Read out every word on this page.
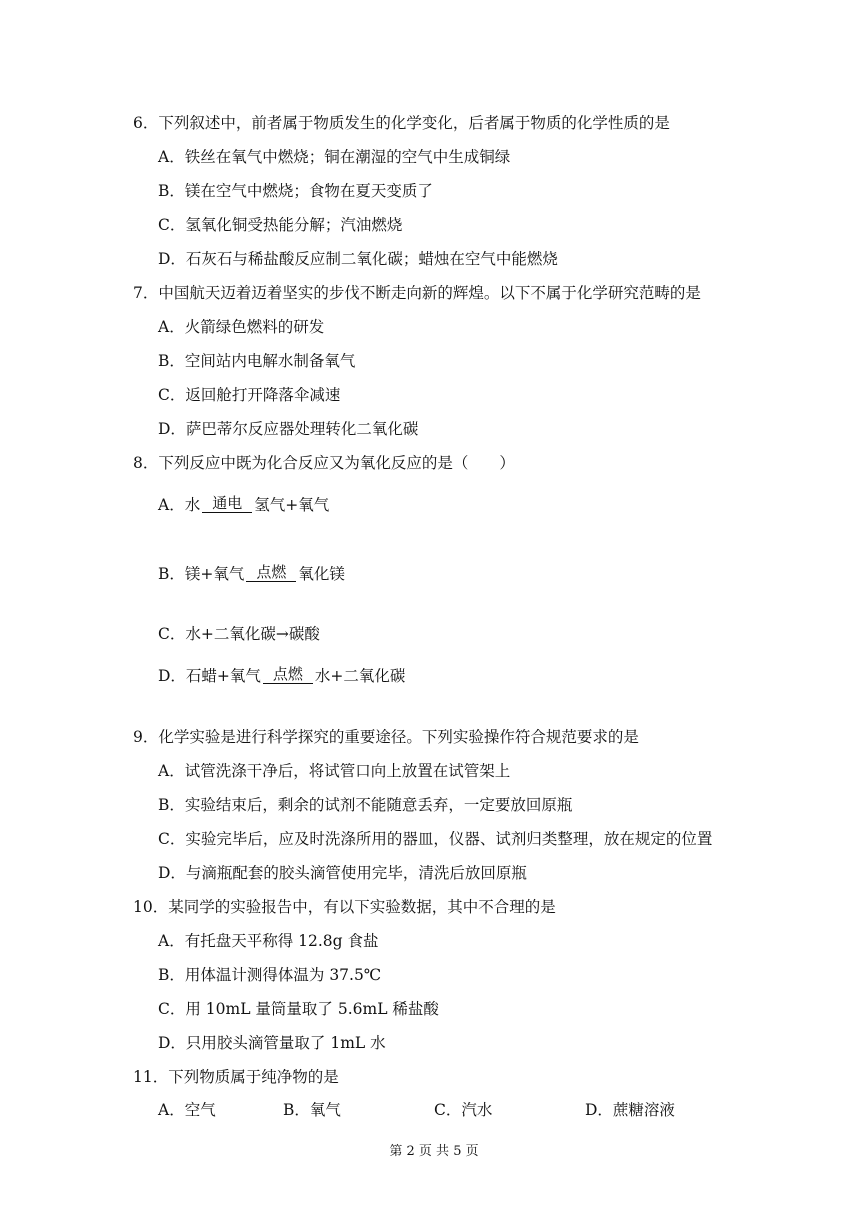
6．下列叙述中，前者属于物质发生的化学变化，后者属于物质的化学性质的是
A．铁丝在氧气中燃烧；铜在潮湿的空气中生成铜绿
B．镁在空气中燃烧；食物在夏天变质了
C．氢氧化铜受热能分解；汽油燃烧
D．石灰石与稀盐酸反应制二氧化碳；蜡烛在空气中能燃烧
7．中国航天迈着迈着坚实的步伐不断走向新的辉煌。以下不属于化学研究范畴的是
A．火箭绿色燃料的研发
B．空间站内电解水制备氧气
C．返回舱打开降落伞减速
D．萨巴蒂尔反应器处理转化二氧化碳
8．下列反应中既为化合反应又为氧化反应的是（　　）
A．水 通电 氢气+氧气
B．镁+氧气 点燃 氧化镁
C．水+二氧化碳→碳酸
D．石蜡+氧气 点燃 水+二氧化碳
9．化学实验是进行科学探究的重要途径。下列实验操作符合规范要求的是
A．试管洗涤干净后，将试管口向上放置在试管架上
B．实验结束后，剩余的试剂不能随意丢弃，一定要放回原瓶
C．实验完毕后，应及时洗涤所用的器皿，仪器、试剂归类整理，放在规定的位置
D．与滴瓶配套的胶头滴管使用完毕，清洗后放回原瓶
10．某同学的实验报告中，有以下实验数据，其中不合理的是
A．有托盘天平称得 12.8g 食盐
B．用体温计测得体温为 37.5℃
C．用 10mL 量筒量取了 5.6mL 稀盐酸
D．只用胶头滴管量取了 1mL 水
11．下列物质属于纯净物的是
A．空气	B．氧气	C．汽水	D．蔗糖溶液
第 2 页 共 5 页
